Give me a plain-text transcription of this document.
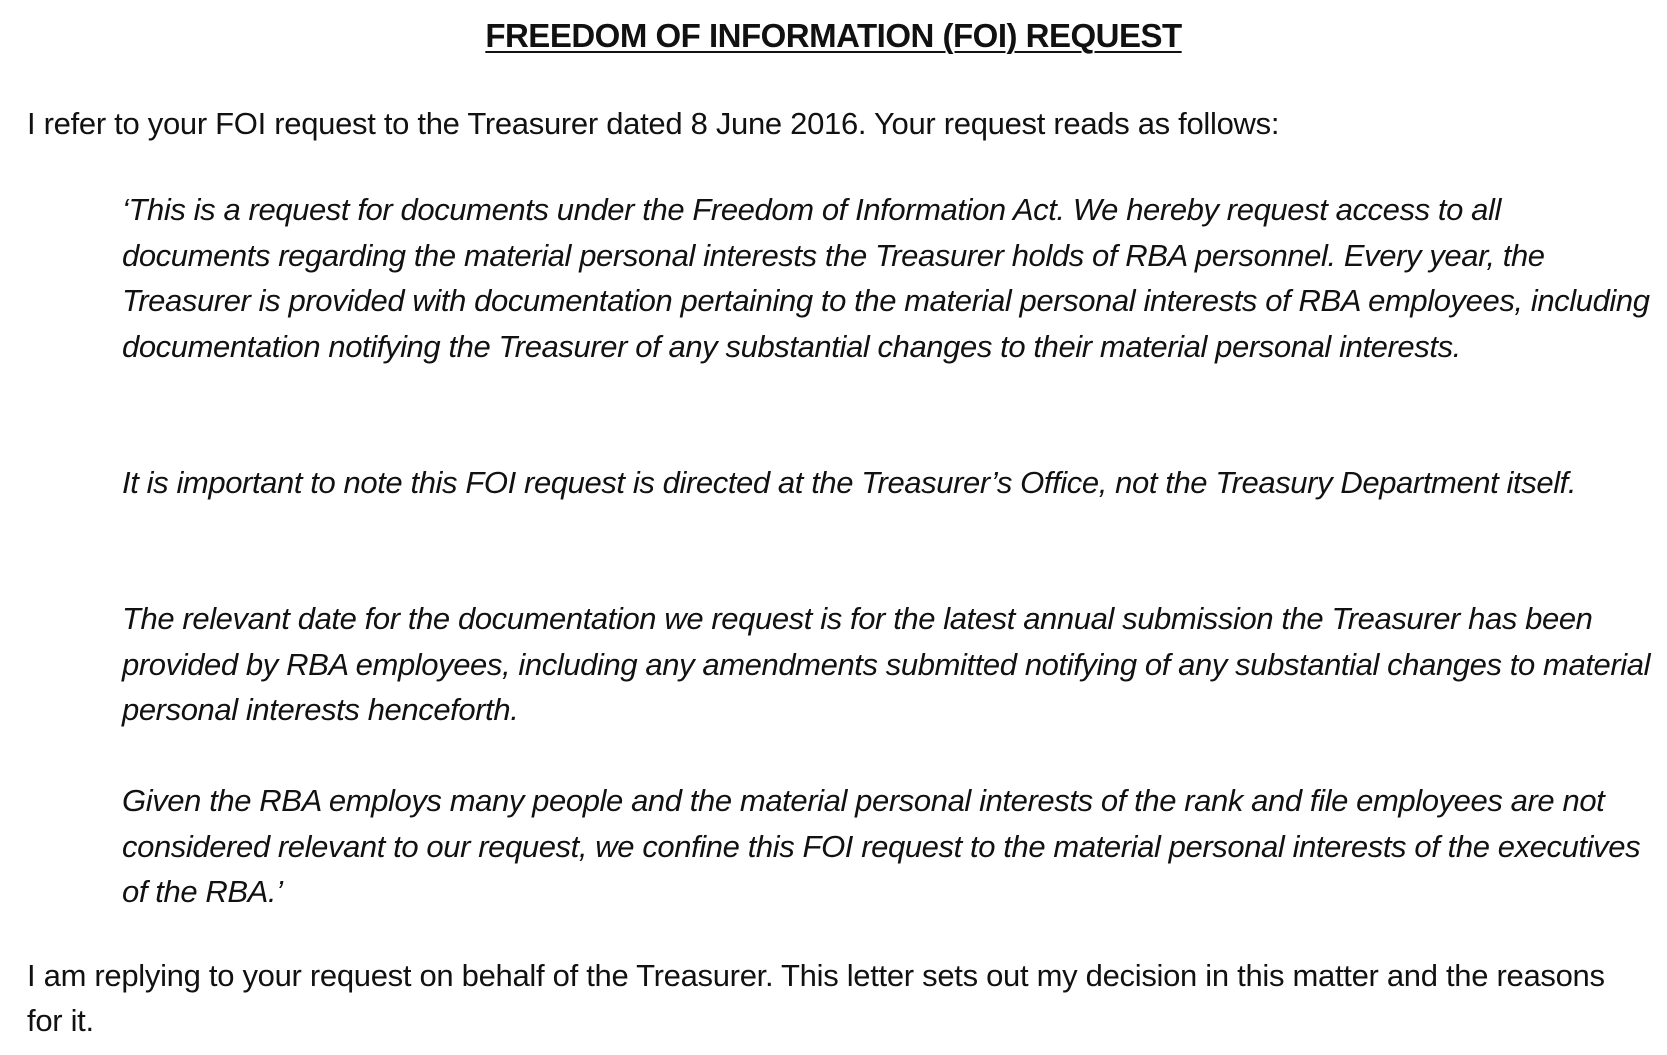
FREEDOM OF INFORMATION (FOI) REQUEST

I refer to your FOI request to the Treasurer dated 8 June 2016. Your request reads as follows:

‘This is a request for documents under the Freedom of Information Act. We hereby request access to all documents regarding the material personal interests the Treasurer holds of RBA personnel. Every year, the Treasurer is provided with documentation pertaining to the material personal interests of RBA employees, including documentation notifying the Treasurer of any substantial changes to their material personal interests.

It is important to note this FOI request is directed at the Treasurer’s Office, not the Treasury Department itself.

The relevant date for the documentation we request is for the latest annual submission the Treasurer has been provided by RBA employees, including any amendments submitted notifying of any substantial changes to material personal interests henceforth.

Given the RBA employs many people and the material personal interests of the rank and file employees are not considered relevant to our request, we confine this FOI request to the material personal interests of the executives of the RBA.’

I am replying to your request on behalf of the Treasurer. This letter sets out my decision in this matter and the reasons for it.
